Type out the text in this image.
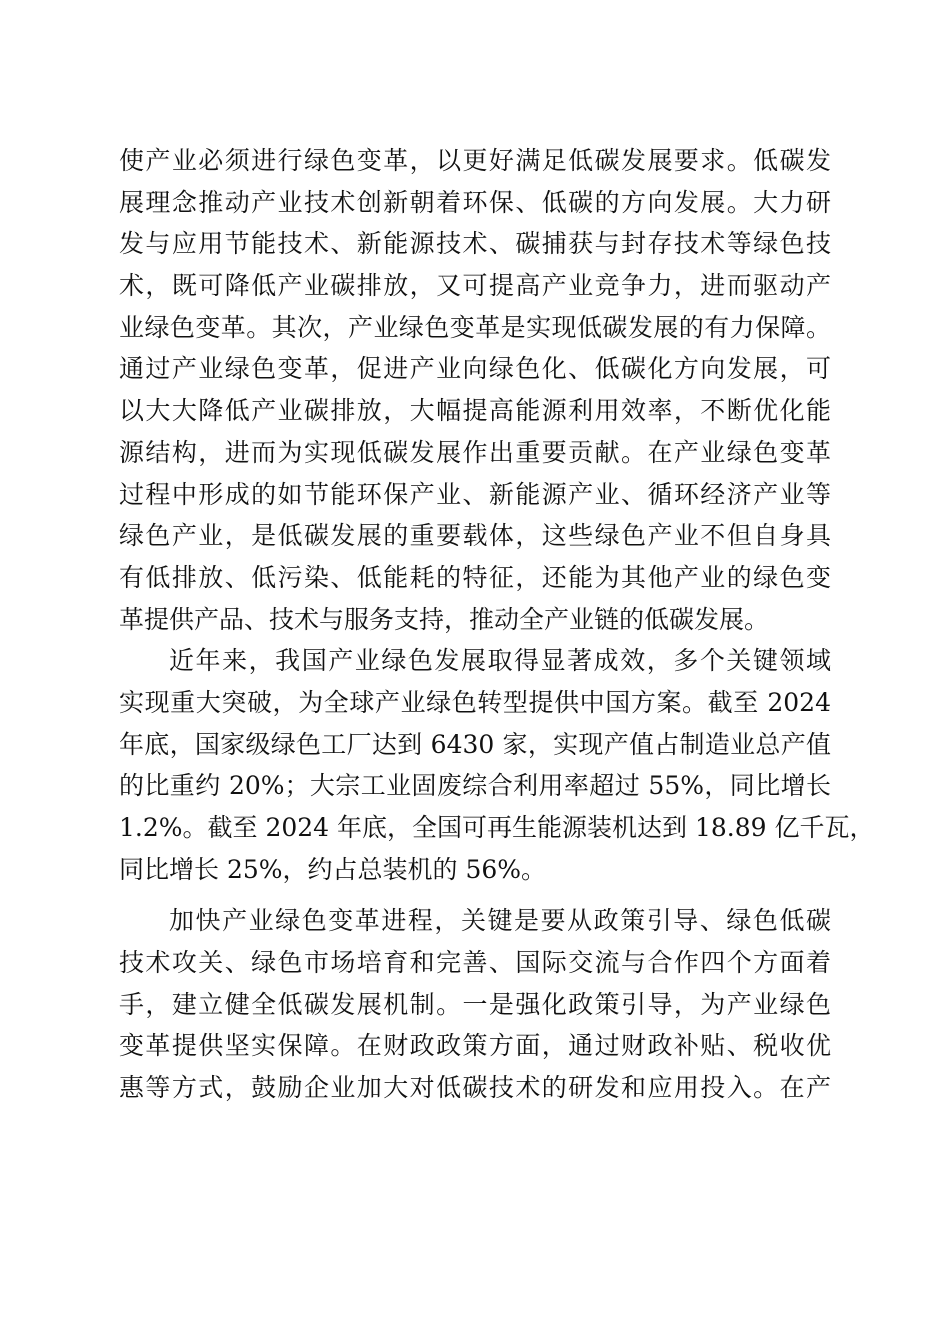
使产业必须进行绿色变革，以更好满足低碳发展要求。低碳发
展理念推动产业技术创新朝着环保、低碳的方向发展。大力研
发与应用节能技术、新能源技术、碳捕获与封存技术等绿色技
术，既可降低产业碳排放，又可提高产业竞争力，进而驱动产
业绿色变革。其次，产业绿色变革是实现低碳发展的有力保障。
通过产业绿色变革，促进产业向绿色化、低碳化方向发展，可
以大大降低产业碳排放，大幅提高能源利用效率，不断优化能
源结构，进而为实现低碳发展作出重要贡献。在产业绿色变革
过程中形成的如节能环保产业、新能源产业、循环经济产业等
绿色产业，是低碳发展的重要载体，这些绿色产业不但自身具
有低排放、低污染、低能耗的特征，还能为其他产业的绿色变
革提供产品、技术与服务支持，推动全产业链的低碳发展。

近年来，我国产业绿色发展取得显著成效，多个关键领域
实现重大突破，为全球产业绿色转型提供中国方案。截至 2024
年底，国家级绿色工厂达到 6430 家，实现产值占制造业总产值
的比重约 20%；大宗工业固废综合利用率超过 55%，同比增长
1.2%。截至 2024 年底，全国可再生能源装机达到 18.89 亿千瓦，
同比增长 25%，约占总装机的 56%。

加快产业绿色变革进程，关键是要从政策引导、绿色低碳
技术攻关、绿色市场培育和完善、国际交流与合作四个方面着
手，建立健全低碳发展机制。一是强化政策引导，为产业绿色
变革提供坚实保障。在财政政策方面，通过财政补贴、税收优
惠等方式，鼓励企业加大对低碳技术的研发和应用投入。在产
